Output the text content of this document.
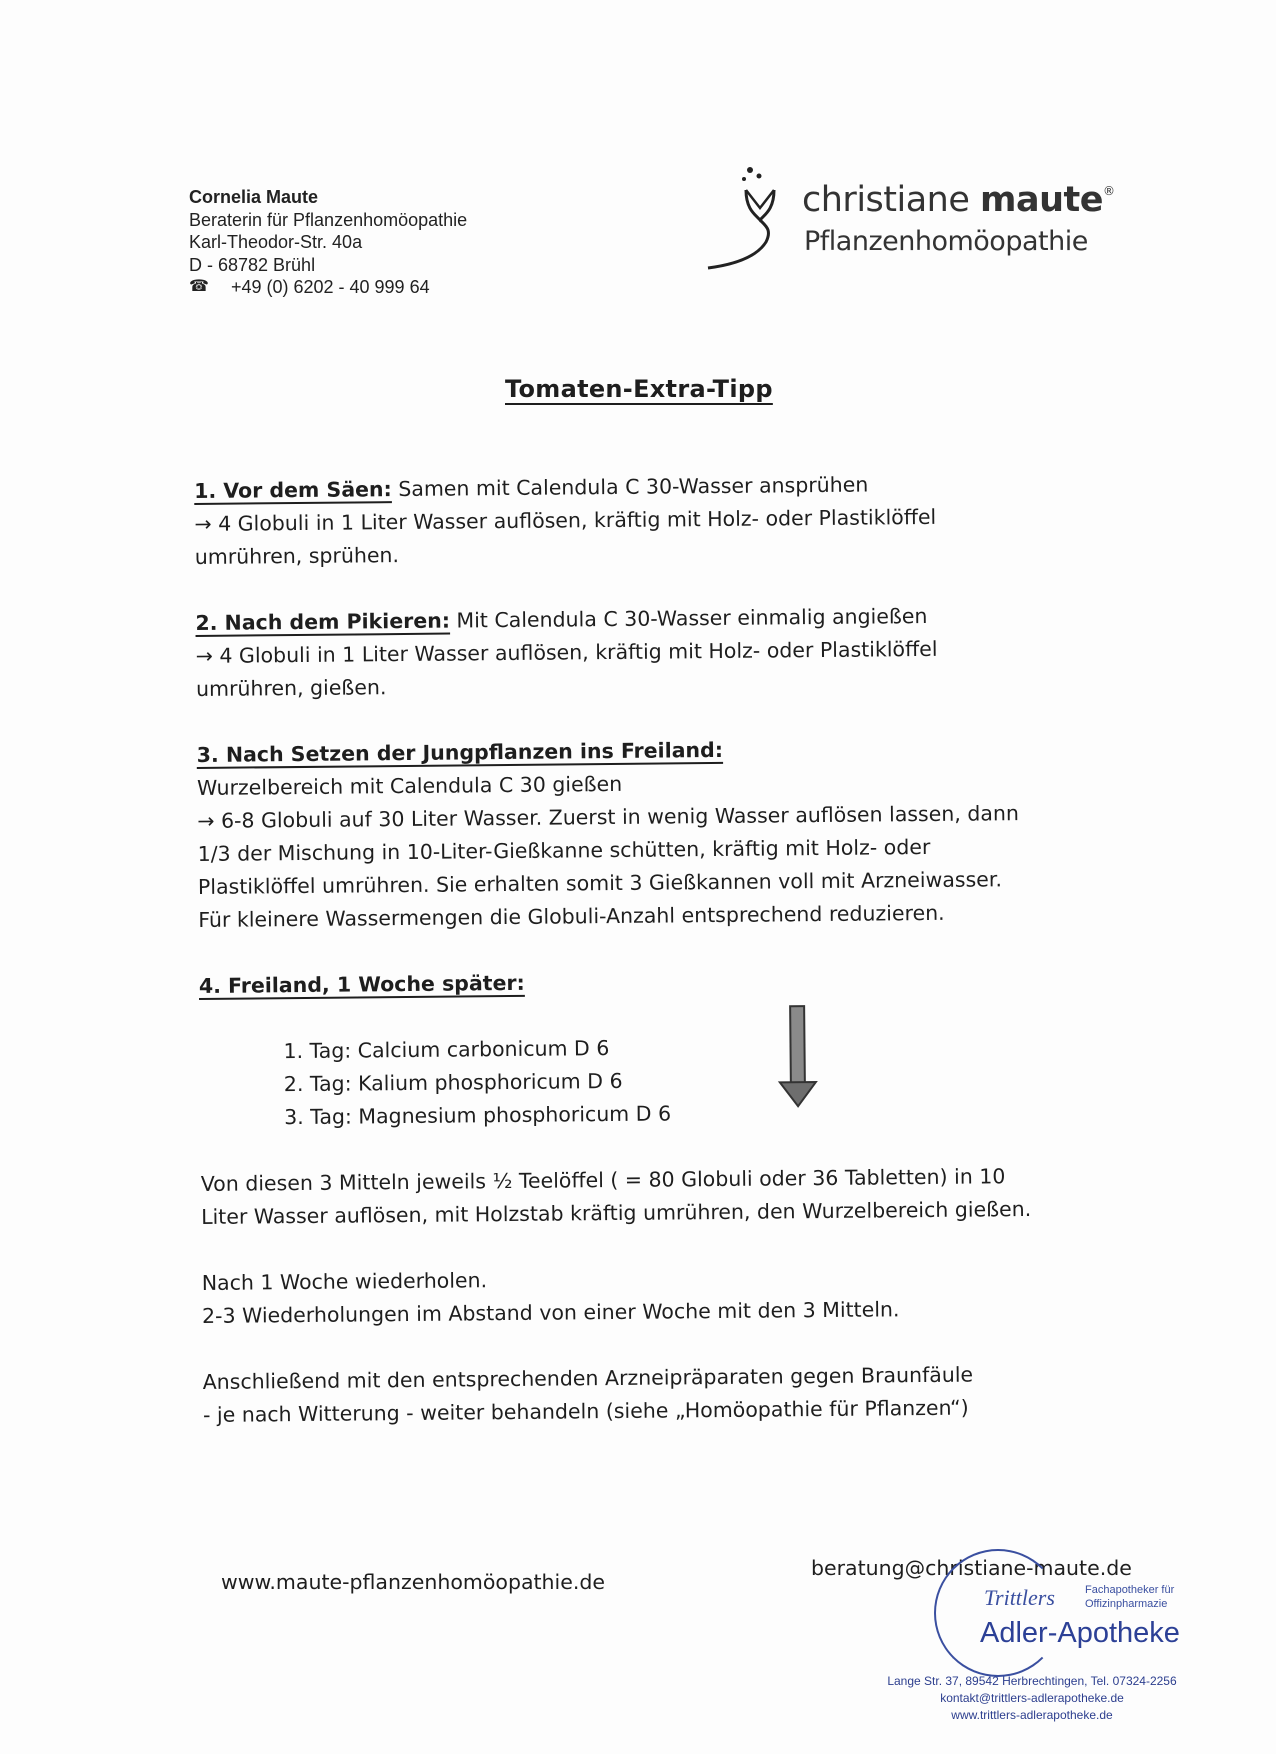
Cornelia Maute
Beraterin für Pflanzenhomöopathie
Karl-Theodor-Str. 40a
D - 68782 Brühl
☎ +49 (0) 6202 - 40 999 64
christiane maute®
Pflanzenhomöopathie
Tomaten-Extra-Tipp

1. Vor dem Säen: Samen mit Calendula C 30-Wasser ansprühen

→ 4 Globuli in 1 Liter Wasser auflösen, kräftig mit Holz- oder Plastiklöffel

umrühren, sprühen.

2. Nach dem Pikieren: Mit Calendula C 30-Wasser einmalig angießen

→ 4 Globuli in 1 Liter Wasser auflösen, kräftig mit Holz- oder Plastiklöffel

umrühren, gießen.

3. Nach Setzen der Jungpflanzen ins Freiland:

Wurzelbereich mit Calendula C 30 gießen

→ 6-8 Globuli auf 30 Liter Wasser. Zuerst in wenig Wasser auflösen lassen, dann

1/3 der Mischung in 10-Liter-Gießkanne schütten, kräftig mit Holz- oder

Plastiklöffel umrühren. Sie erhalten somit 3 Gießkannen voll mit Arzneiwasser.

Für kleinere Wassermengen die Globuli-Anzahl entsprechend reduzieren.

4. Freiland, 1 Woche später:

1. Tag: Calcium carbonicum D 6

2. Tag: Kalium phosphoricum D 6

3. Tag: Magnesium phosphoricum D 6

Von diesen 3 Mitteln jeweils ½ Teelöffel ( = 80 Globuli oder 36 Tabletten) in 10

Liter Wasser auflösen, mit Holzstab kräftig umrühren, den Wurzelbereich gießen.

Nach 1 Woche wiederholen.

2-3 Wiederholungen im Abstand von einer Woche mit den 3 Mitteln.

Anschließend mit den entsprechenden Arzneipräparaten gegen Braunfäule

- je nach Witterung - weiter behandeln (siehe „Homöopathie für Pflanzen“)

www.maute-pflanzenhomöopathie.de
beratung@christiane-maute.de
Trittlers	Fachapotheker für
Offizinpharmazie
Adler-Apotheke
Lange Str. 37, 89542 Herbrechtingen, Tel. 07324-2256
kontakt@trittlers-adlerapotheke.de
www.trittlers-adlerapotheke.de
